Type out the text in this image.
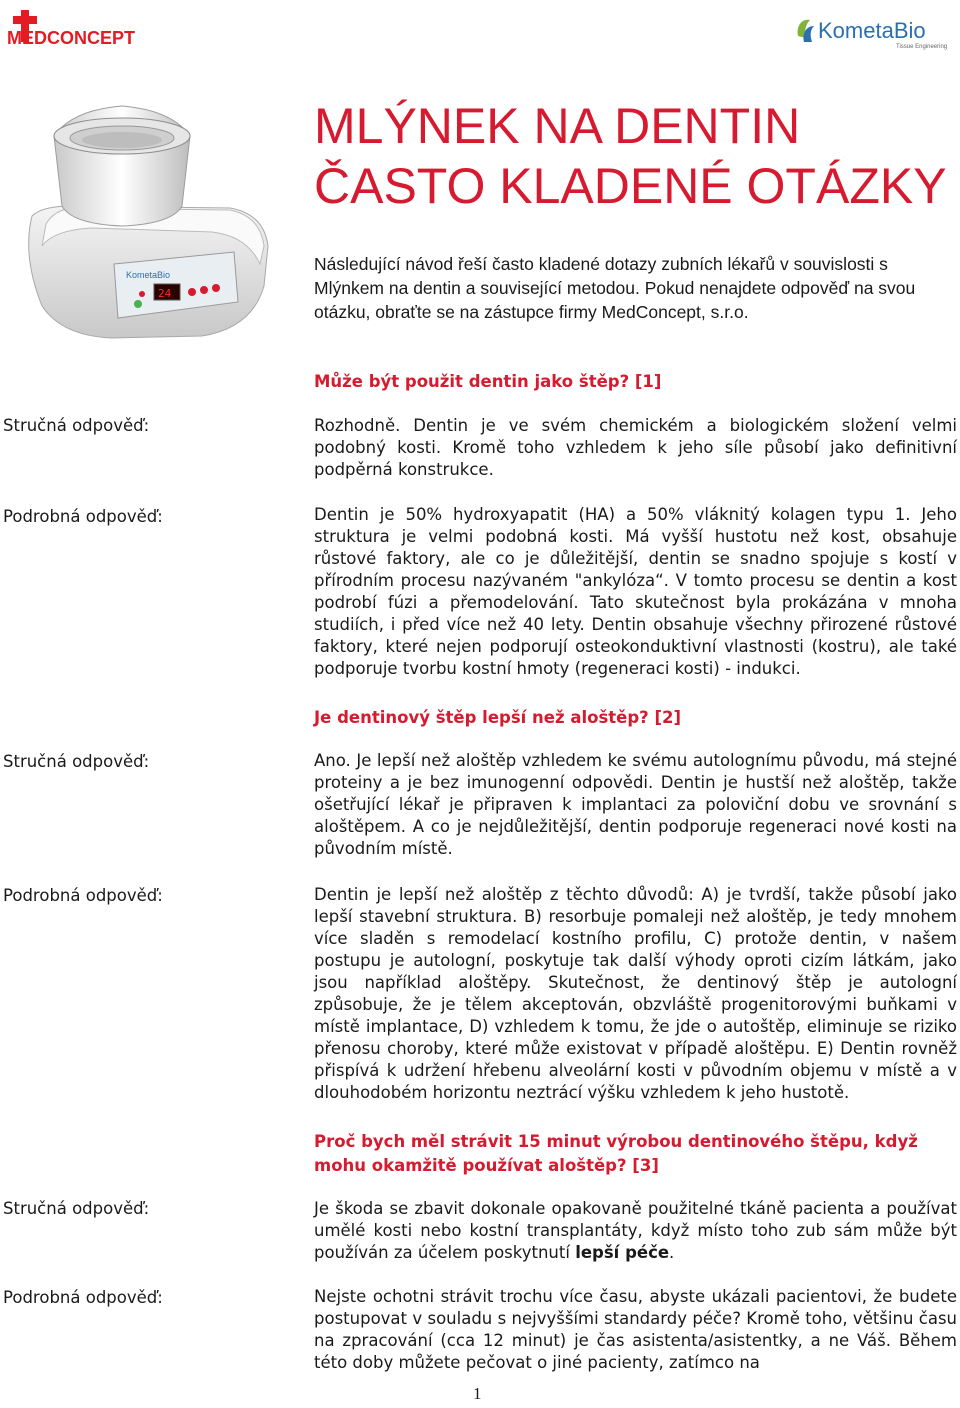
MEDCONCEPT	KometaBio
Tissue Engineering
KometaBio
24
MLÝNEK NA DENTIN
ČASTO KLADENÉ OTÁZKY

Následující návod řeší často kladené dotazy zubních lékařů v souvislosti s Mlýnkem na dentin a související metodou. Pokud nenajdete odpověď na svou otázku, obraťte se na zástupce firmy MedConcept, s.r.o.

Může být použit dentin jako štěp? [1]

Stručná odpověď:	Rozhodně. Dentin je ve svém chemickém a biologickém složení velmi podobný kosti. Kromě toho vzhledem k jeho síle působí jako definitivní podpěrná konstrukce.

Podrobná odpověď:	Dentin je 50% hydroxyapatit (HA) a 50% vláknitý kolagen typu 1. Jeho struktura je velmi podobná kosti. Má vyšší hustotu než kost, obsahuje růstové faktory, ale co je důležitější, dentin se snadno spojuje s kostí v přírodním procesu nazývaném "ankylóza“. V tomto procesu se dentin a kost podrobí fúzi a přemodelování. Tato skutečnost byla prokázána v mnoha studiích, i před více než 40 lety. Dentin obsahuje všechny přirozené růstové faktory, které nejen podporují osteokonduktivní vlastnosti (kostru), ale také podporuje tvorbu kostní hmoty (regeneraci kosti) - indukci.

Je dentinový štěp lepší než aloštěp? [2]

Stručná odpověď:	Ano. Je lepší než aloštěp vzhledem ke svému autolognímu původu, má stejné proteiny a je bez imunogenní odpovědi. Dentin je hustší než aloštěp, takže ošetřující lékař je připraven k implantaci za poloviční dobu ve srovnání s aloštěpem. A co je nejdůležitější, dentin podporuje regeneraci nové kosti na původním místě.

Podrobná odpověď:	Dentin je lepší než aloštěp z těchto důvodů: A) je tvrdší, takže působí jako lepší stavební struktura. B) resorbuje pomaleji než aloštěp, je tedy mnohem více sladěn s remodelací kostního profilu, C) protože dentin, v našem postupu je autologní, poskytuje tak další výhody oproti cizím látkám, jako jsou například aloštěpy. Skutečnost, že dentinový štěp je autologní způsobuje, že je tělem akceptován, obzvláště progenitorovými buňkami v místě implantace, D) vzhledem k tomu, že jde o autoštěp, eliminuje se riziko přenosu choroby, které může existovat v případě aloštěpu. E) Dentin rovněž přispívá k udržení hřebenu alveolární kosti v původním objemu v místě a v dlouhodobém horizontu neztrácí výšku vzhledem k jeho hustotě.

Proč bych měl strávit 15 minut výrobou dentinového štěpu, když mohu okamžitě používat aloštěp? [3]

Stručná odpověď:	Je škoda se zbavit dokonale opakovaně použitelné tkáně pacienta a používat umělé kosti nebo kostní transplantáty, když místo toho zub sám může být používán za účelem poskytnutí lepší péče.

Podrobná odpověď:	Nejste ochotni strávit trochu více času, abyste ukázali pacientovi, že budete postupovat v souladu s nejvyššími standardy péče? Kromě toho, většinu času na zpracování (cca 12 minut) je čas asistenta/asistentky, a ne Váš. Během této doby můžete pečovat o jiné pacienty, zatímco na

1
